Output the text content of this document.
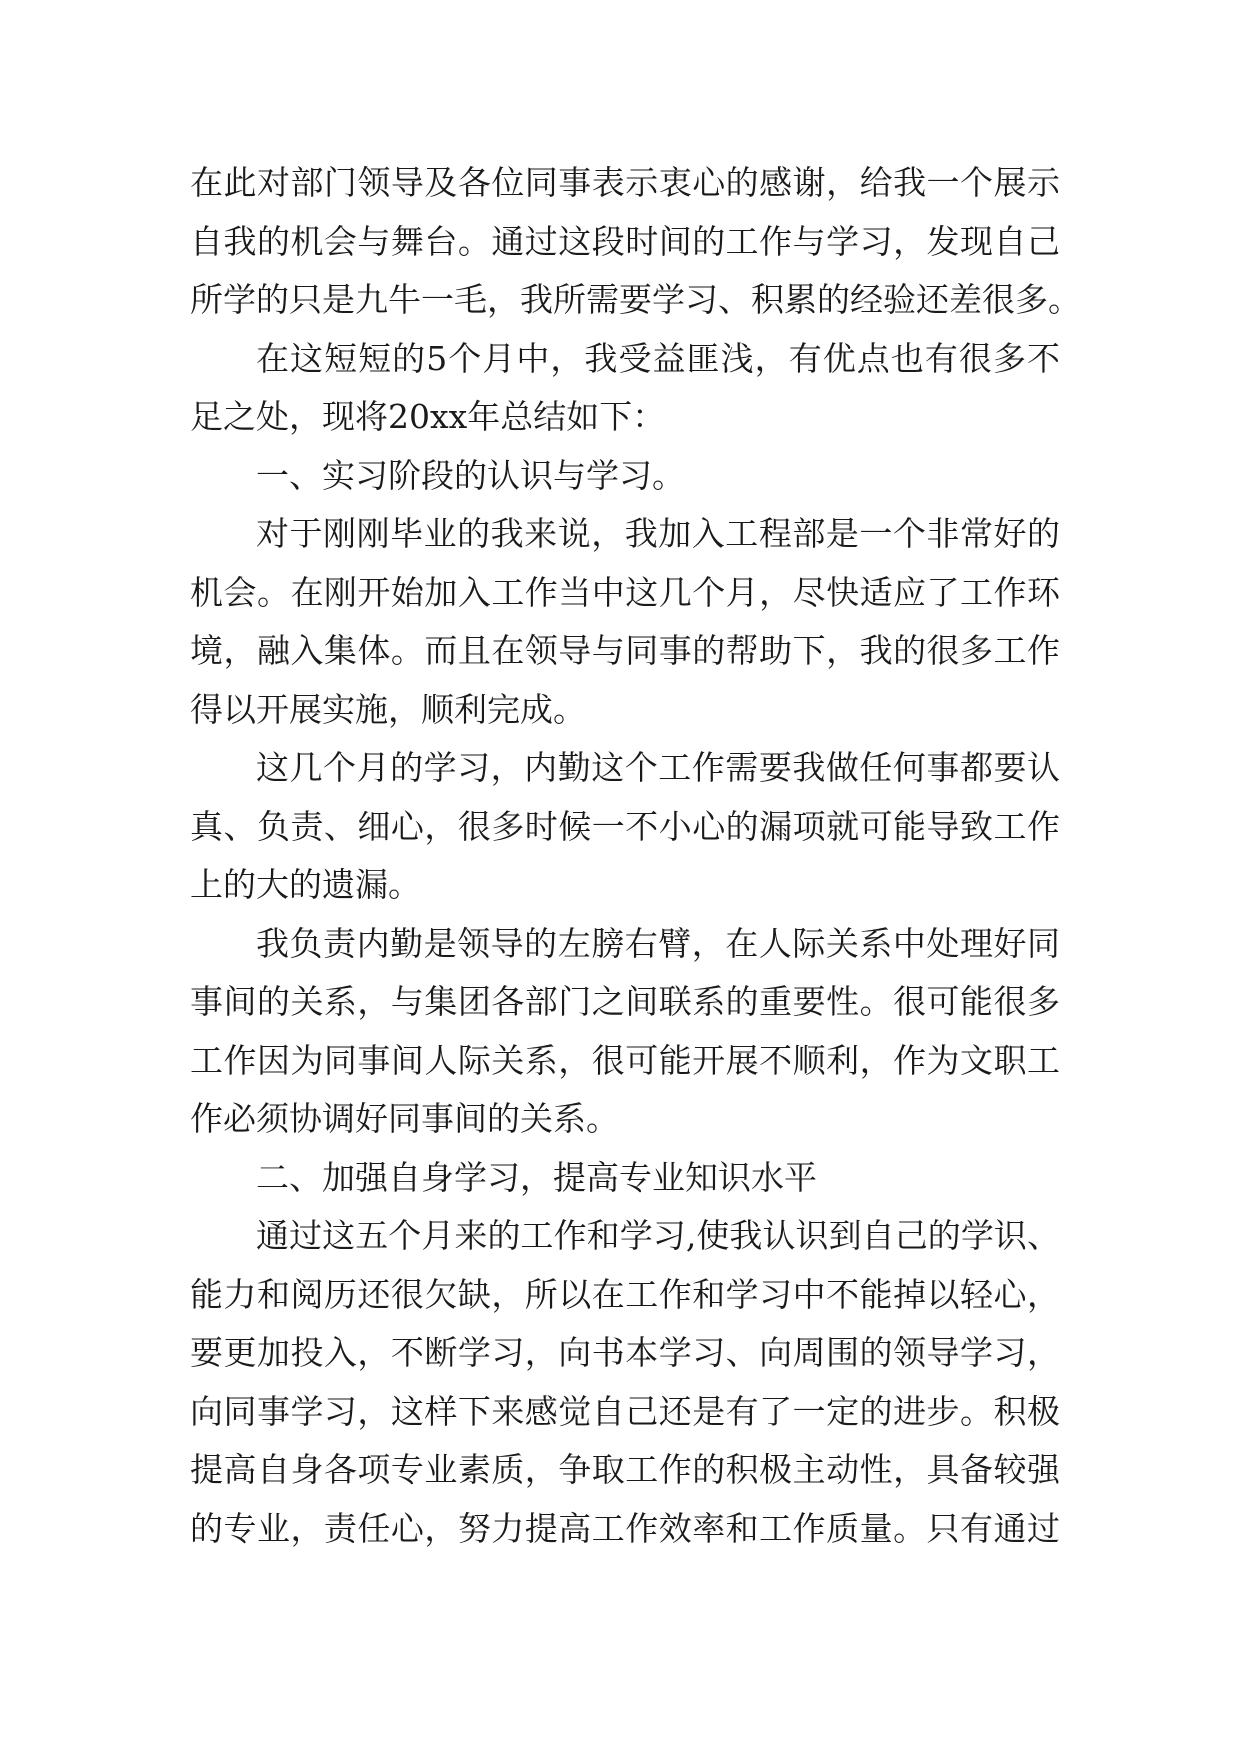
在此对部门领导及各位同事表示衷心的感谢，给我一个展示
自我的机会与舞台。通过这段时间的工作与学习，发现自己
所学的只是九牛一毛，我所需要学习、积累的经验还差很多。
在这短短的5个月中，我受益匪浅，有优点也有很多不
足之处，现将20xx年总结如下：
一、实习阶段的认识与学习。
对于刚刚毕业的我来说，我加入工程部是一个非常好的
机会。在刚开始加入工作当中这几个月，尽快适应了工作环
境，融入集体。而且在领导与同事的帮助下，我的很多工作
得以开展实施，顺利完成。
这几个月的学习，内勤这个工作需要我做任何事都要认
真、负责、细心，很多时候一不小心的漏项就可能导致工作
上的大的遗漏。
我负责内勤是领导的左膀右臂，在人际关系中处理好同
事间的关系，与集团各部门之间联系的重要性。很可能很多
工作因为同事间人际关系，很可能开展不顺利，作为文职工
作必须协调好同事间的关系。
二、加强自身学习，提高专业知识水平
通过这五个月来的工作和学习,使我认识到自己的学识、
能力和阅历还很欠缺，所以在工作和学习中不能掉以轻心，
要更加投入，不断学习，向书本学习、向周围的领导学习，
向同事学习，这样下来感觉自己还是有了一定的进步。积极
提高自身各项专业素质，争取工作的积极主动性，具备较强
的专业，责任心，努力提高工作效率和工作质量。只有通过
